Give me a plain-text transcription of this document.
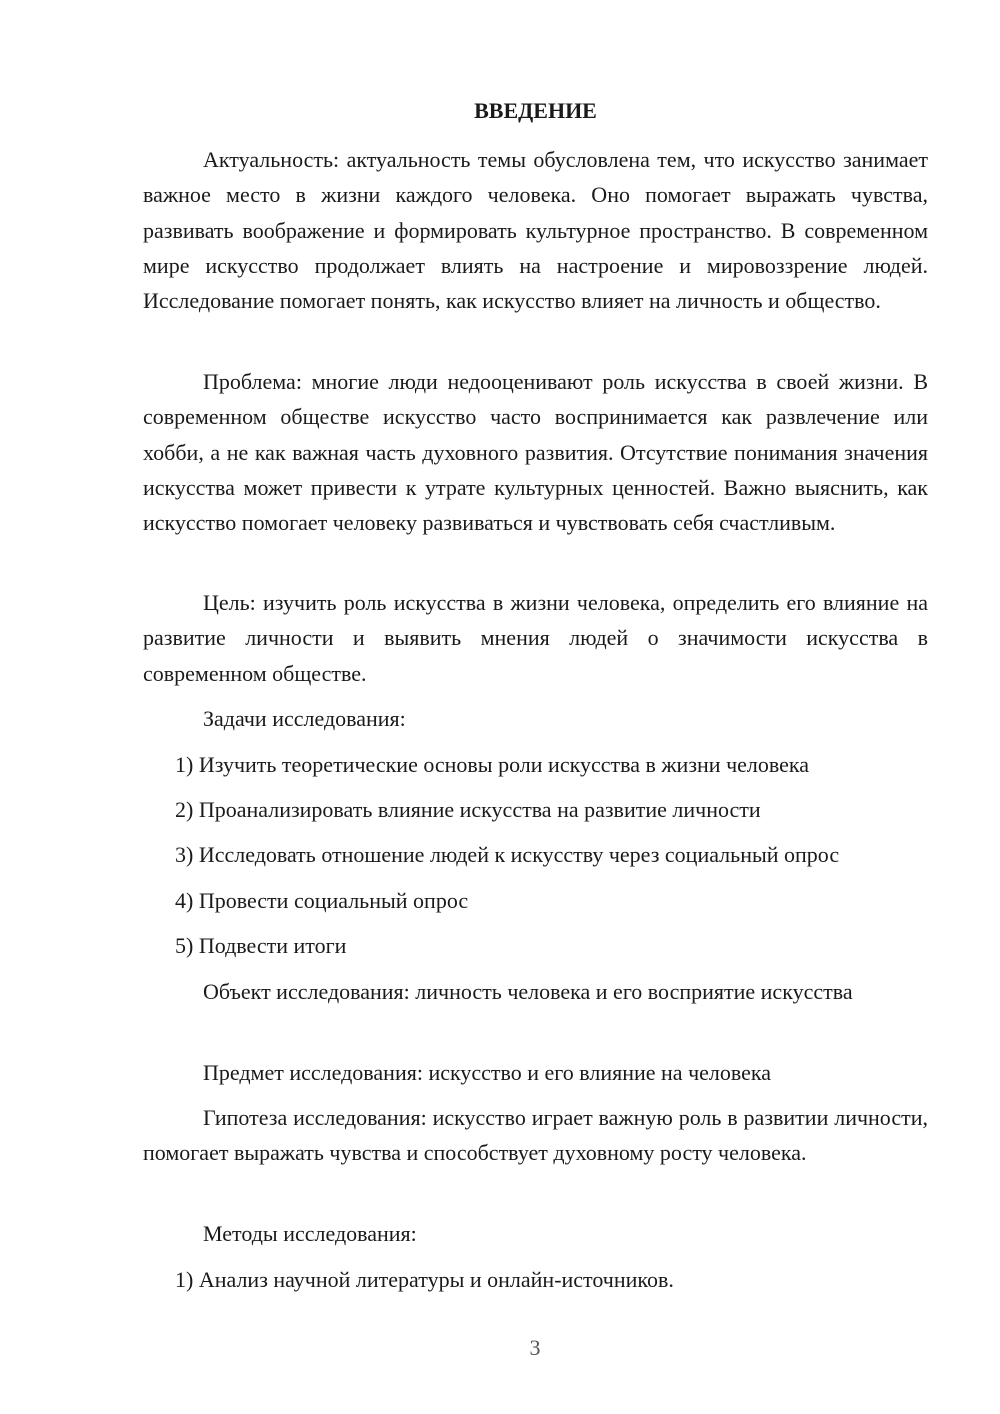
ВВЕДЕНИЕ

Актуальность: актуальность темы обусловлена тем, что искусство занимает важное место в жизни каждого человека. Оно помогает выражать чувства, развивать воображение и формировать культурное пространство. В современном мире искусство продолжает влиять на настроение и мировоззрение людей. Исследование помогает понять, как искусство влияет на личность и общество.

Проблема: многие люди недооценивают роль искусства в своей жизни. В современном обществе искусство часто воспринимается как развлечение или хобби, а не как важная часть духовного развития. Отсутствие понимания значения искусства может привести к утрате культурных ценностей. Важно выяснить, как искусство помогает человеку развиваться и чувствовать себя счастливым.

Цель: изучить роль искусства в жизни человека, определить его влияние на развитие личности и выявить мнения людей о значимости искусства в современном обществе.

Задачи исследования:

1) Изучить теоретические основы роли искусства в жизни человека

2) Проанализировать влияние искусства на развитие личности

3) Исследовать отношение людей к искусству через социальный опрос

4) Провести социальный опрос

5) Подвести итоги

Объект исследования: личность человека и его восприятие искусства

Предмет исследования: искусство и его влияние на человека

Гипотеза исследования: искусство играет важную роль в развитии личности, помогает выражать чувства и способствует духовному росту человека.

Методы исследования:

1) Анализ научной литературы и онлайн-источников.

3
